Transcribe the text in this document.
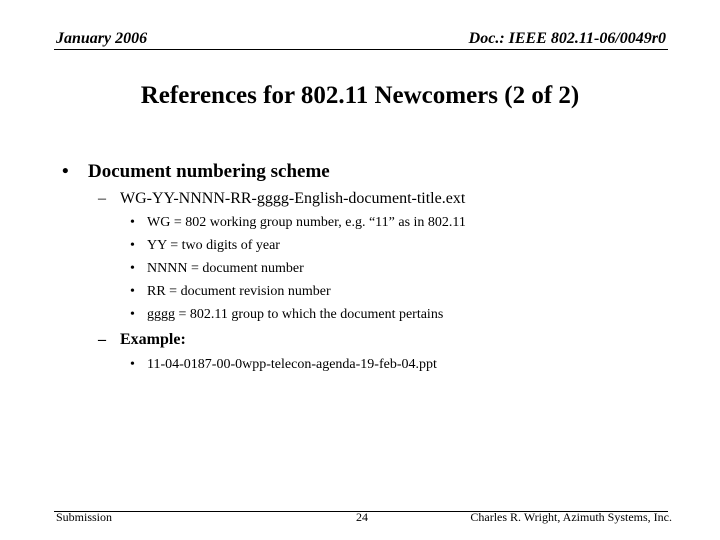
January 2006	Doc.: IEEE 802.11-06/0049r0
References for 802.11 Newcomers (2 of 2)
• Document numbering scheme
– WG-YY-NNNN-RR-gggg-English-document-title.ext
• WG = 802 working group number, e.g. “11” as in 802.11
• YY = two digits of year
• NNNN = document number
• RR = document revision number
• gggg = 802.11 group to which the document pertains
– Example:
• 11-04-0187-00-0wpp-telecon-agenda-19-feb-04.ppt
Submission	24	Charles R. Wright, Azimuth Systems, Inc.
